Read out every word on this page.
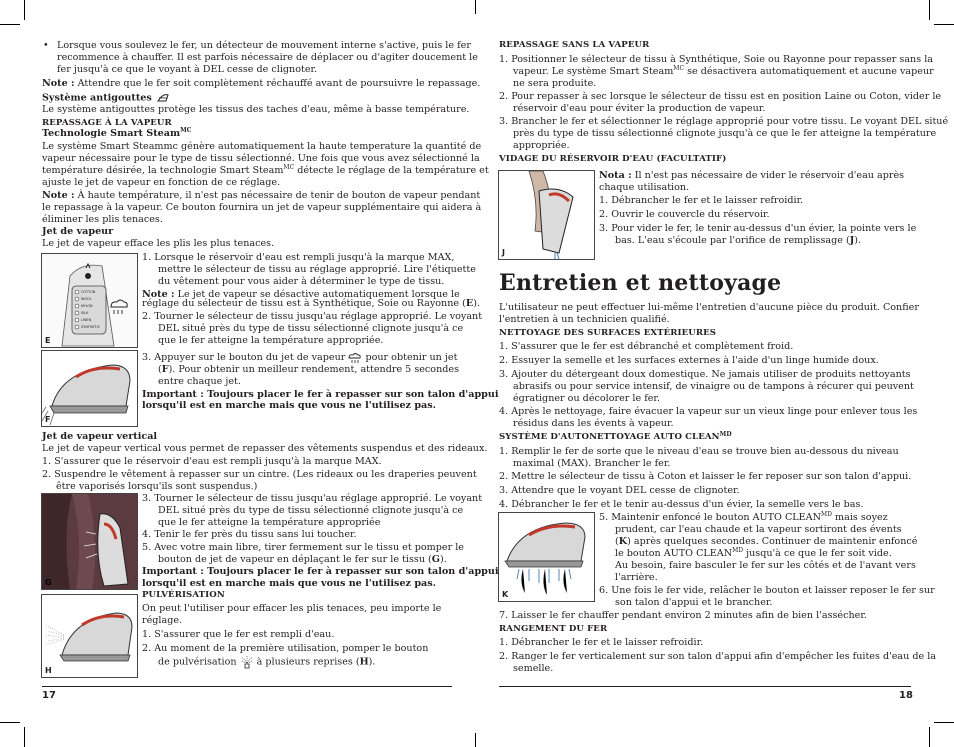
• Lorsque vous soulevez le fer, un détecteur de mouvement interne s'active, puis le fer
recommence à chauffer. Il est parfois nécessaire de déplacer ou d'agiter doucement le
fer jusqu'à ce que le voyant à DEL cesse de clignoter.
Note : Attendre que le fer soit complètement réchauffé avant de poursuivre le repassage.
Système antigouttes
Le système antigouttes protège les tissus des taches d'eau, même à basse température.
REPASSAGE À LA VAPEUR
Technologie Smart Steam$^{MC}$
Le système Smart Steammc génère automatiquement la haute temperature la quantité de
vapeur nécessaire pour le type de tissu sélectionné. Une fois que vous avez sélectionné la
température désirée, la technologie Smart Steam$^{MC}$ détecte le réglage de la température et
ajuste le jet de vapeur en fonction de ce réglage.
Note : À haute température, il n'est pas nécessaire de tenir de bouton de vapeur pendant
le repassage à la vapeur. Ce bouton fournira un jet de vapeur supplémentaire qui aidera à
éliminer les plis tenaces.
Jet de vapeur
Le jet de vapeur efface les plis les plus tenaces.
COTTON
WOOL
NYLON
SILK
LINEN
SYNTHETIC
E
1. Lorsque le réservoir d'eau est rempli jusqu'à la marque MAX,
mettre le sélecteur de tissu au réglage approprié. Lire l'étiquette
du vêtement pour vous aider à déterminer le type de tissu.
Note : Le jet de vapeur se désactive automatiquement lorsque le
réglage du sélecteur de tissu est à Synthétique, Soie ou Rayonne (E).
2. Tourner le sélecteur de tissu jusqu'au réglage approprié. Le voyant
DEL situé près du type de tissu sélectionné clignote jusqu'à ce
que le fer atteigne la température appropriée.
F
3. Appuyer sur le bouton du jet de vapeur  pour obtenir un jet
(F). Pour obtenir un meilleur rendement, attendre 5 secondes
entre chaque jet.
Important : Toujours placer le fer à repasser sur son talon d'appui
lorsqu'il est en marche mais que vous ne l'utilisez pas.
Jet de vapeur vertical
Le jet de vapeur vertical vous permet de repasser des vêtements suspendus et des rideaux.
1. S'assurer que le réservoir d'eau est rempli jusqu'à la marque MAX.
2. Suspendre le vêtement à repasser sur un cintre. (Les rideaux ou les draperies peuvent
être vaporisés lorsqu'ils sont suspendus.)
G
3. Tourner le sélecteur de tissu jusqu'au réglage approprié. Le voyant
DEL situé près du type de tissu sélectionné clignote jusqu'à ce
que le fer atteigne la température appropriée
4. Tenir le fer près du tissu sans lui toucher.
5. Avec votre main libre, tirer fermement sur le tissu et pomper le
bouton de jet de vapeur en déplaçant le fer sur le tissu (G).
Important : Toujours placer le fer à repasser sur son talon d'appui
lorsqu'il est en marche mais que vous ne l'utilisez pas.
PULVÉRISATION
On peut l'utiliser pour effacer les plis tenaces, peu importe le
réglage.
1. S'assurer que le fer est rempli d'eau.
2. Au moment de la première utilisation, pomper le bouton
de pulvérisation  à plusieurs reprises (H).
H
17
REPASSAGE SANS LA VAPEUR
1. Positionner le sélecteur de tissu à Synthétique, Soie ou Rayonne pour repasser sans la
vapeur. Le système Smart Steam$^{MC}$ se désactivera automatiquement et aucune vapeur
ne sera produite.
2. Pour repasser à sec lorsque le sélecteur de tissu est en position Laine ou Coton, vider le
réservoir d'eau pour éviter la production de vapeur.
3. Brancher le fer et sélectionner le réglage approprié pour votre tissu. Le voyant DEL situé
près du type de tissu sélectionné clignote jusqu'à ce que le fer atteigne la température
appropriée.
VIDAGE DU RÉSERVOIR D'EAU (FACULTATIF)
J
Nota : Il n'est pas nécessaire de vider le réservoir d'eau après
chaque utilisation.
1. Débrancher le fer et le laisser refroidir.
2. Ouvrir le couvercle du réservoir.
3. Pour vider le fer, le tenir au-dessus d'un évier, la pointe vers le
bas. L'eau s'écoule par l'orifice de remplissage (J).
Entretien et nettoyage
L'utilisateur ne peut effectuer lui-même l'entretien d'aucune pièce du produit. Confier
l'entretien à un technicien qualifié.
NETTOYAGE DES SURFACES EXTÉRIEURES
1. S'assurer que le fer est débranché et complètement froid.
2. Essuyer la semelle et les surfaces externes à l'aide d'un linge humide doux.
3. Ajouter du détergeant doux domestique. Ne jamais utiliser de produits nettoyants
abrasifs ou pour service intensif, de vinaigre ou de tampons à récurer qui peuvent
égratigner ou décolorer le fer.
4. Après le nettoyage, faire évacuer la vapeur sur un vieux linge pour enlever tous les
résidus dans les évents à vapeur.
SYSTÈME D'AUTONETTOYAGE AUTO $CLEAN^{MD}$
1. Remplir le fer de sorte que le niveau d'eau se trouve bien au-dessous du niveau
maximal (MAX). Brancher le fer.
2. Mettre le sélecteur de tissu à Coton et laisser le fer reposer sur son talon d'appui.
3. Attendre que le voyant DEL cesse de clignoter.
4. Débrancher le fer et le tenir au-dessus d'un évier, la semelle vers le bas.
K
5. Maintenir enfoncé le bouton AUTO $CLEAN^{MD}$ mais soyez
prudent, car l'eau chaude et la vapeur sortiront des évents
(K) après quelques secondes. Continuer de maintenir enfoncé
le bouton AUTO $CLEAN^{MD}$ jusqu'à ce que le fer soit vide.
Au besoin, faire basculer le fer sur les côtés et de l'avant vers
l'arrière.
6. Une fois le fer vide, relâcher le bouton et laisser reposer le fer sur
son talon d'appui et le brancher.
7. Laisser le fer chauffer pendant environ 2 minutes afin de bien l'assécher.
RANGEMENT DU FER
1. Débrancher le fer et le laisser refroidir.
2. Ranger le fer verticalement sur son talon d'appui afin d'empêcher les fuites d'eau de la
semelle.
18
